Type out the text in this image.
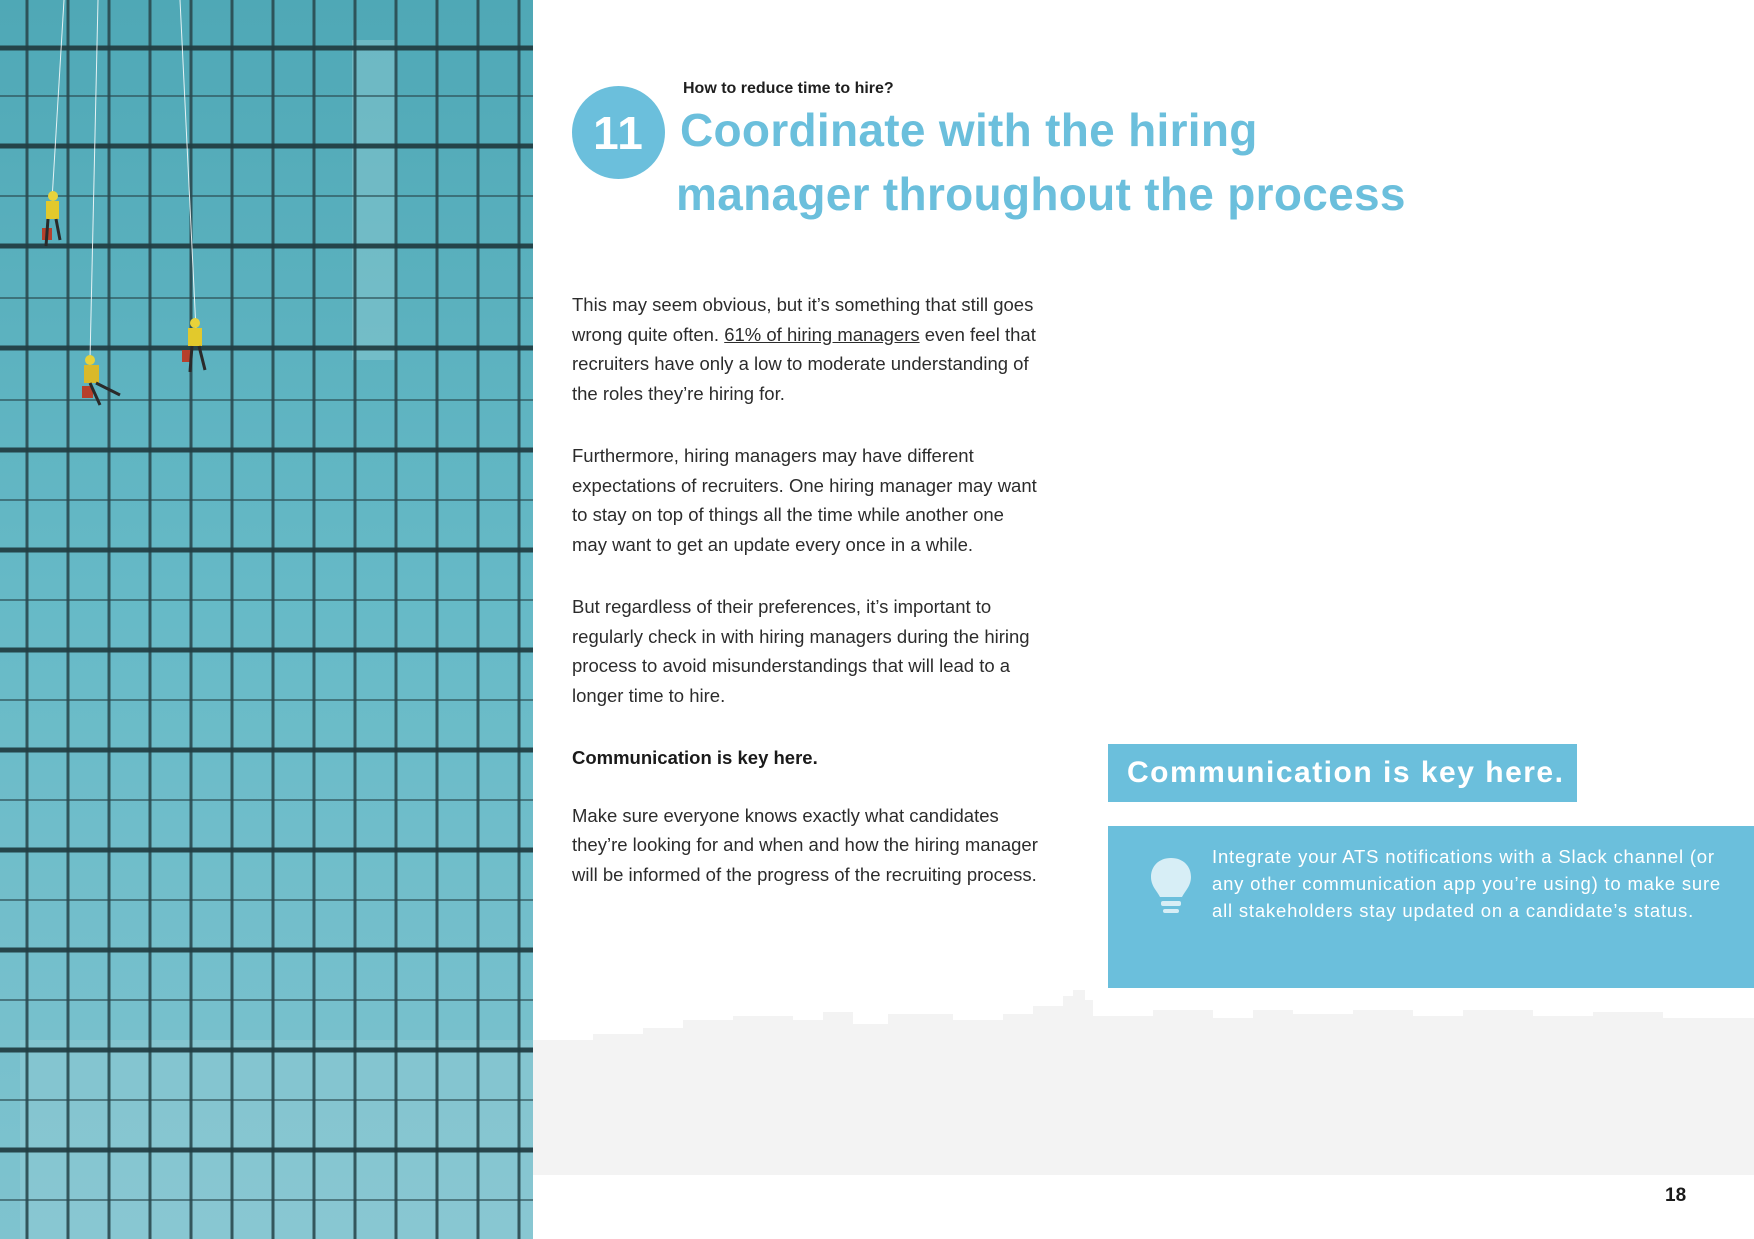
11
How to reduce time to hire?
Coordinate with the hiring
manager throughout the process

This may seem obvious, but it’s something that still goes wrong quite often. 61% of hiring managers even feel that recruiters have only a low to moderate understanding of the roles they’re hiring for.

Furthermore, hiring managers may have different expectations of recruiters. One hiring manager may want to stay on top of things all the time while another one may want to get an update every once in a while.

But regardless of their preferences, it’s important to regularly check in with hiring managers during the hiring process to avoid misunderstandings that will lead to a longer time to hire.

Communication is key here.

Make sure everyone knows exactly what candidates they’re looking for and when and how the hiring manager will be informed of the progress of the recruiting process.

Communication is key here.
Integrate your ATS notifications with a Slack channel (or any other communication app you’re using) to make sure all stakeholders stay updated on a candidate’s status.
18
